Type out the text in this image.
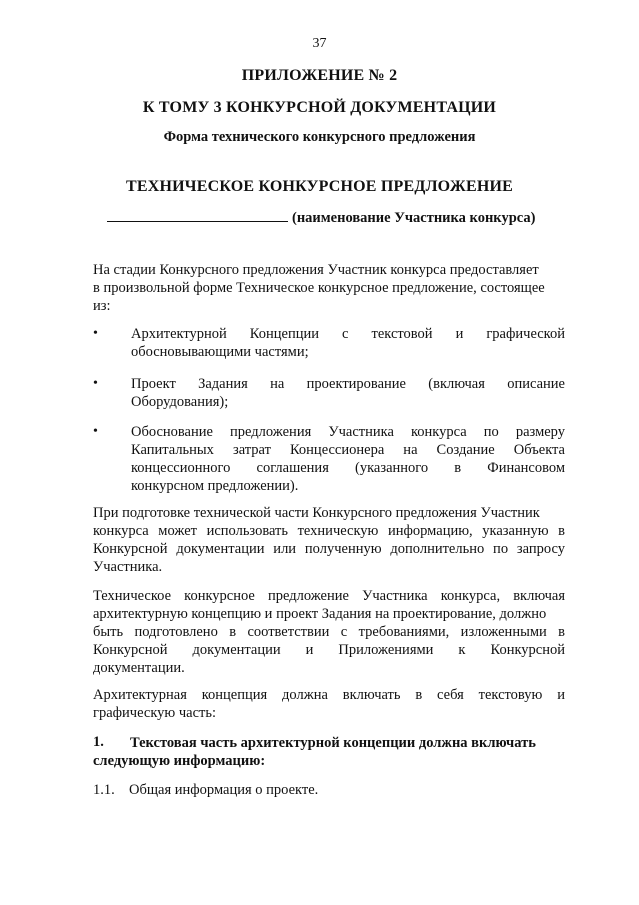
37
ПРИЛОЖЕНИЕ № 2
К ТОМУ 3 КОНКУРСНОЙ ДОКУМЕНТАЦИИ
Форма технического конкурсного предложения
ТЕХНИЧЕСКОЕ КОНКУРСНОЕ ПРЕДЛОЖЕНИЕ
(наименование Участника конкурса)
На стадии Конкурсного предложения Участник конкурса предоставляет
в произвольной форме Техническое конкурсное предложение, состоящее
из:
• Архитектурной Концепции с текстовой и графической
обосновывающими частями;
• Проект Задания на проектирование (включая описание
Оборудования);
• Обоснование предложения Участника конкурса по размеру
Капитальных затрат Концессионера на Создание Объекта
концессионного соглашения (указанного в Финансовом
конкурсном предложении).
При подготовке технической части Конкурсного предложения Участник
конкурса может использовать техническую информацию, указанную в
Конкурсной документации или полученную дополнительно по запросу
Участника.
Техническое конкурсное предложение Участника конкурса, включая
архитектурную концепцию и проект Задания на проектирование, должно
быть подготовлено в соответствии с требованиями, изложенными в
Конкурсной документации и Приложениями к Конкурсной
документации.
Архитектурная концепция должна включать в себя текстовую и
графическую часть:
1.	Текстовая часть архитектурной концепции должна включать
следующую информацию:
1.1. Общая информация о проекте.
